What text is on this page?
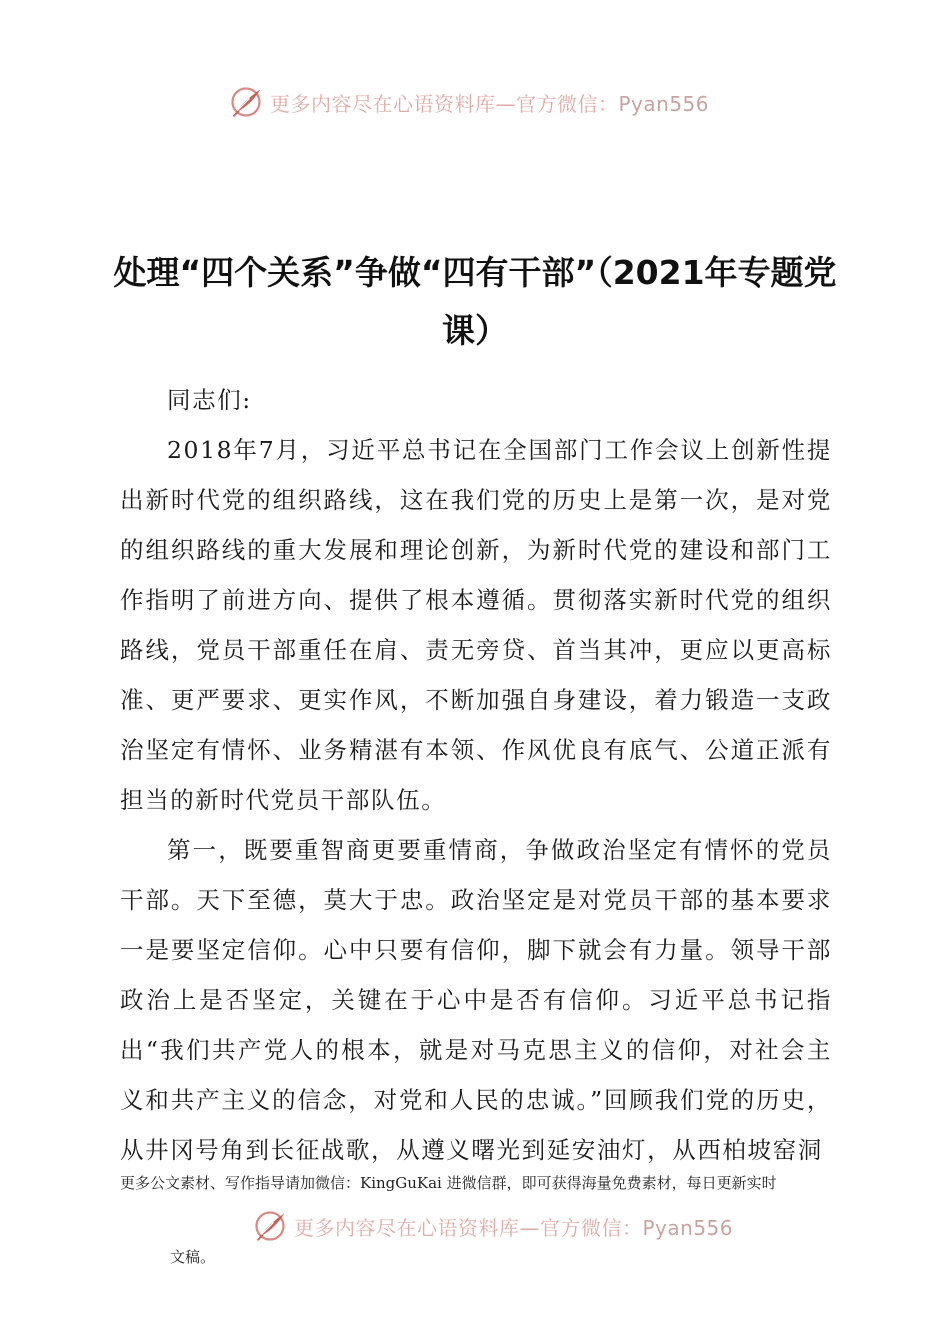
更多内容尽在心语资料库—官方微信：Pyan556
处理“四个关系”争做“四有干部”（2021年专题党课）

同志们:

2018年7月，习近平总书记在全国部门工作会议上创新性提出新时代党的组织路线，这在我们党的历史上是第一次，是对党的组织路线的重大发展和理论创新，为新时代党的建设和部门工作指明了前进方向、提供了根本遵循。贯彻落实新时代党的组织路线，党员干部重任在肩、责无旁贷、首当其冲，更应以更高标准、更严要求、更实作风，不断加强自身建设，着力锻造一支政治坚定有情怀、业务精湛有本领、作风优良有底气、公道正派有担当的新时代党员干部队伍。

第一，既要重智商更要重情商，争做政治坚定有情怀的党员干部。天下至德，莫大于忠。政治坚定是对党员干部的基本要求一是要坚定信仰。心中只要有信仰，脚下就会有力量。领导干部政治上是否坚定，关键在于心中是否有信仰。习近平总书记指出“我们共产党人的根本，就是对马克思主义的信仰，对社会主义和共产主义的信念，对党和人民的忠诚。”回顾我们党的历史，从井冈号角到长征战歌，从遵义曙光到延安油灯，从西柏坡窑洞

更多公文素材、写作指导请加微信：KingGuKai 进微信群，即可获得海量免费素材，每日更新实时
更多内容尽在心语资料库—官方微信：Pyan556
文稿。
